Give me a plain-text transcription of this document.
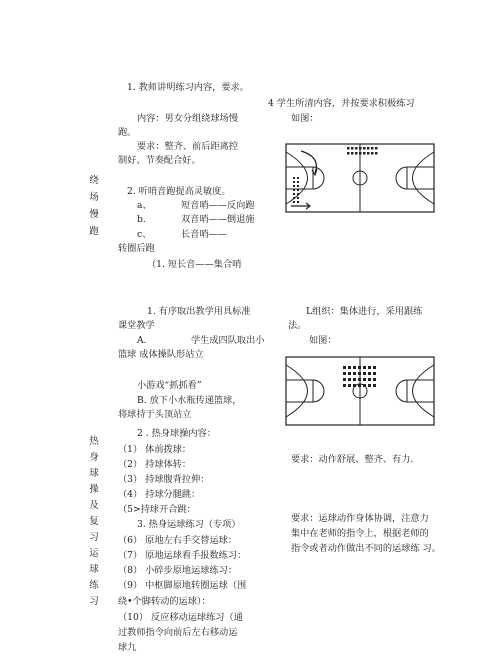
绕场慢跑
1. 教师讲明练习内容，要求。
内容：男女分组绕球场慢
跑。
要求：整齐、前后距离控
制好、节奏配合好。
2. 听哨音跑提高灵敏度。
a、	短音哨——反向跑
b.	双音哨——倒退施
c、	长音哨——
转圈后跑
（1. 短长音——集合哨
4 学生所清内容，并按要求积极练习
如图：
1. 有序取出教学用具标准
课堂教学
A.	学生成四队取出小
篮球 成体操队形站立
小游戏“抓抓看”
B. 放下小水瓶传递篮球，
将球持于头顶站立
L组织：集体进行，采用跟练
法。
如图：
热身球操及复习运球练习
2 . 热身球操内容：
（1） 体前拨球：
（2） 持球体转：
（3） 持球腹背拉伸：
（4） 持球分腿跳：
（5>持球开合跳：
3. 热身运球练习（专项）
（6） 原地左右手交替运球：
（7） 原地运球看手报数练习：
（8） 小碎步原地运球练习：
（9） 中枢脚原地转圈运球（围
绕•个脚转动的运球）：
（10） 反应移动运球练习（通
过教师指令向前后左右移动运
球九
要求：动作舒展、整齐、有力.
要求：运球动作身体协调，注意力
集中在老师的指令上，根据老师的
指令或者动作做出不同的运球练 习。
